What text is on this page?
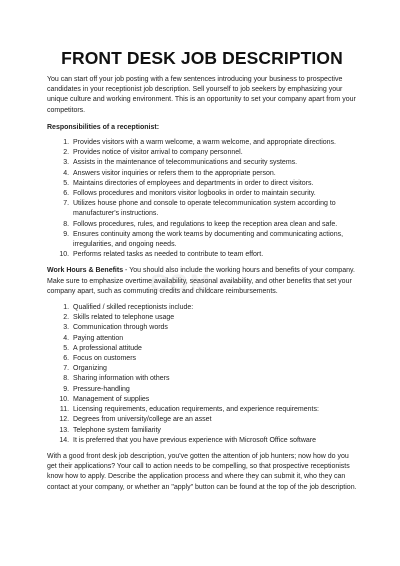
FRONT DESK JOB DESCRIPTION

You can start off your job posting with a few sentences introducing your business to prospective candidates in your receptionist job description. Sell yourself to job seekers by emphasizing your unique culture and working environment. This is an opportunity to set your company apart from your competitors.

Responsibilities of a receptionist:

1. Provides visitors with a warm welcome, a warm welcome, and appropriate directions.
2. Provides notice of visitor arrival to company personnel.
3. Assists in the maintenance of telecommunications and security systems.
4. Answers visitor inquiries or refers them to the appropriate person.
5. Maintains directories of employees and departments in order to direct visitors.
6. Follows procedures and monitors visitor logbooks in order to maintain security.
7. Utilizes house phone and console to operate telecommunication system according to manufacturer's instructions.
8. Follows procedures, rules, and regulations to keep the reception area clean and safe.
9. Ensures continuity among the work teams by documenting and communicating actions, irregularities, and ongoing needs.
10. Performs related tasks as needed to contribute to team effort.

Work Hours & Benefits - You should also include the working hours and benefits of your company. Make sure to emphasize overtime availability, seasonal availability, and other benefits that set your company apart, such as commuting credits and childcare reimbursements.

1. Qualified / skilled receptionists include:
2. Skills related to telephone usage
3. Communication through words
4. Paying attention
5. A professional attitude
6. Focus on customers
7. Organizing
8. Sharing information with others
9. Pressure-handling
10. Management of supplies
11. Licensing requirements, education requirements, and experience requirements:
12. Degrees from university/college are an asset
13. Telephone system familiarity
14. It is preferred that you have previous experience with Microsoft Office software

With a good front desk job description, you've gotten the attention of job hunters; now how do you get their applications? Your call to action needs to be compelling, so that prospective receptionists know how to apply. Describe the application process and where they can submit it, who they can contact at your company, or whether an "apply" button can be found at the top of the job description.

COM
